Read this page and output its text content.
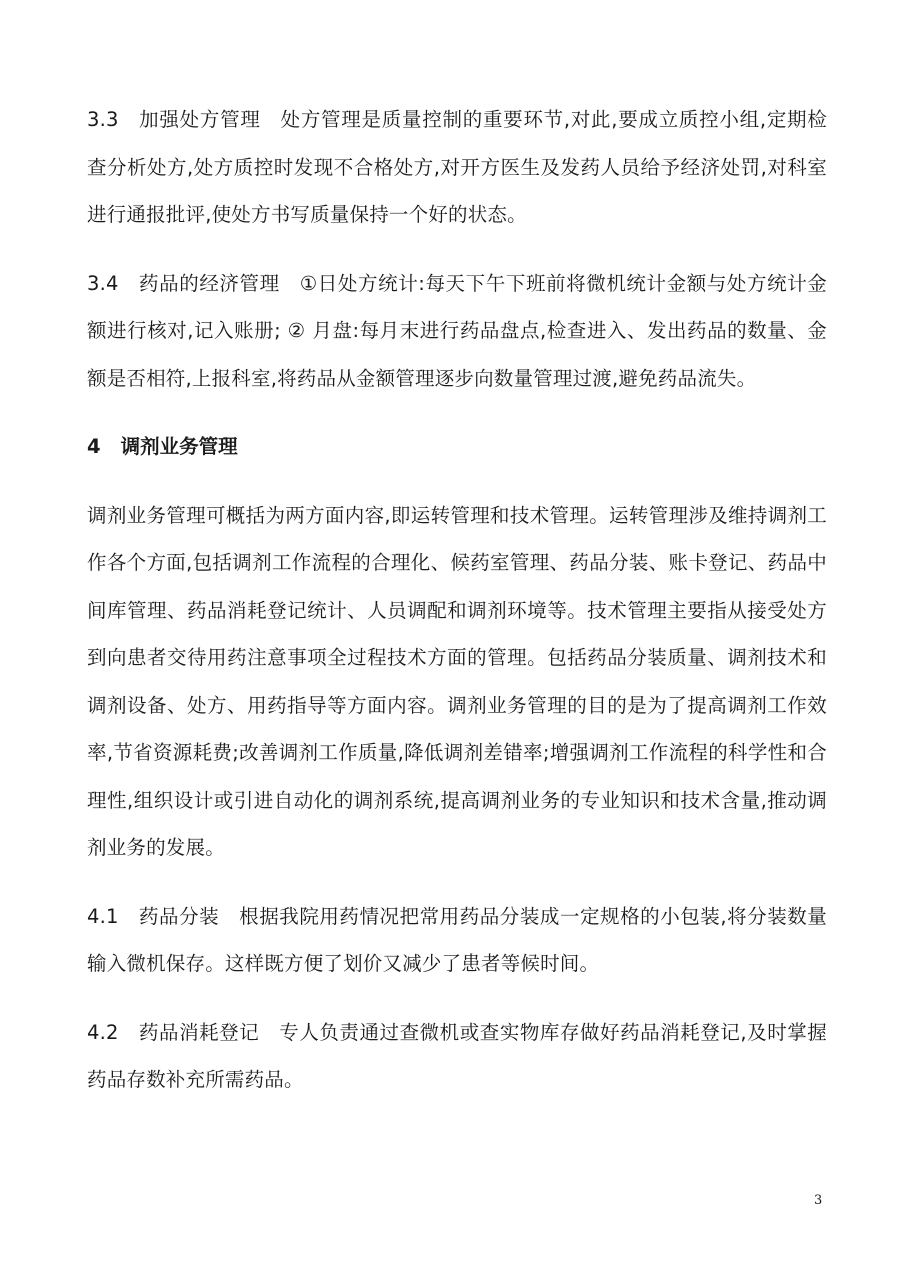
3.3 加强处方管理 处方管理是质量控制的重要环节,对此,要成立质控小组,定期检查分析处方,处方质控时发现不合格处方,对开方医生及发药人员给予经济处罚,对科室进行通报批评,使处方书写质量保持一个好的状态。

3.4 药品的经济管理 ①日处方统计:每天下午下班前将微机统计金额与处方统计金额进行核对,记入账册; ② 月盘:每月末进行药品盘点,检查进入、发出药品的数量、金额是否相符,上报科室,将药品从金额管理逐步向数量管理过渡,避免药品流失。

4 调剂业务管理

调剂业务管理可概括为两方面内容,即运转管理和技术管理。运转管理涉及维持调剂工作各个方面,包括调剂工作流程的合理化、候药室管理、药品分装、账卡登记、药品中间库管理、药品消耗登记统计、人员调配和调剂环境等。技术管理主要指从接受处方到向患者交待用药注意事项全过程技术方面的管理。包括药品分装质量、调剂技术和调剂设备、处方、用药指导等方面内容。调剂业务管理的目的是为了提高调剂工作效率,节省资源耗费;改善调剂工作质量,降低调剂差错率;增强调剂工作流程的科学性和合理性,组织设计或引进自动化的调剂系统,提高调剂业务的专业知识和技术含量,推动调剂业务的发展。

4.1 药品分装 根据我院用药情况把常用药品分装成一定规格的小包装,将分装数量输入微机保存。这样既方便了划价又减少了患者等候时间。

4.2 药品消耗登记 专人负责通过查微机或查实物库存做好药品消耗登记,及时掌握药品存数补充所需药品。

3
